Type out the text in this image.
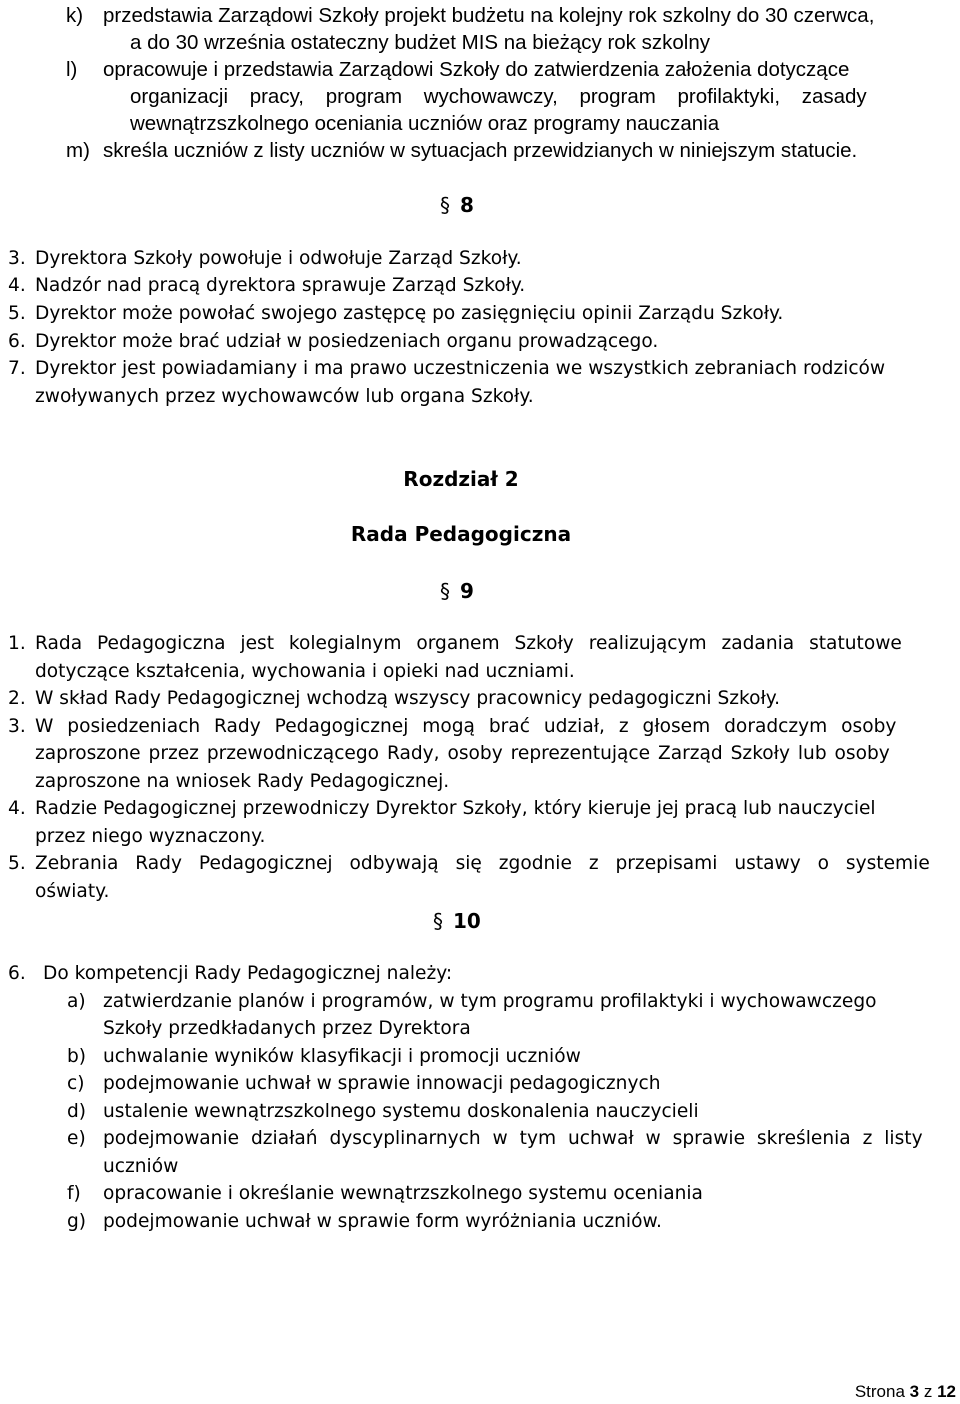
k) przedstawia Zarządowi Szkoły projekt budżetu na kolejny rok szkolny do 30 czerwca,
a do 30 września ostateczny budżet MIS na bieżący rok szkolny
l) opracowuje i przedstawia Zarządowi Szkoły do zatwierdzenia założenia dotyczące
organizacji pracy, program wychowawczy, program profilaktyki, zasady
wewnątrzszkolnego oceniania uczniów oraz programy nauczania
m) skreśla uczniów z listy uczniów w sytuacjach przewidzianych w niniejszym statucie.
§ 8
3. Dyrektora Szkoły powołuje i odwołuje Zarząd Szkoły.
4. Nadzór nad pracą dyrektora sprawuje Zarząd Szkoły.
5. Dyrektor może powołać swojego zastępcę po zasięgnięciu opinii Zarządu Szkoły.
6. Dyrektor może brać udział w posiedzeniach organu prowadzącego.
7. Dyrektor jest powiadamiany i ma prawo uczestniczenia we wszystkich zebraniach rodziców
zwoływanych przez wychowawców lub organa Szkoły.
Rozdział 2
Rada Pedagogiczna
§ 9
1. Rada Pedagogiczna jest kolegialnym organem Szkoły realizującym zadania statutowe
dotyczące kształcenia, wychowania i opieki nad uczniami.
2. W skład Rady Pedagogicznej wchodzą wszyscy pracownicy pedagogiczni Szkoły.
3. W posiedzeniach Rady Pedagogicznej mogą brać udział, z głosem doradczym osoby
zaproszone przez przewodniczącego Rady, osoby reprezentujące Zarząd Szkoły lub osoby
zaproszone na wniosek Rady Pedagogicznej.
4. Radzie Pedagogicznej przewodniczy Dyrektor Szkoły, który kieruje jej pracą lub nauczyciel
przez niego wyznaczony.
5. Zebrania Rady Pedagogicznej odbywają się zgodnie z przepisami ustawy o systemie
oświaty.
§ 10
6. Do kompetencji Rady Pedagogicznej należy:
a) zatwierdzanie planów i programów, w tym programu profilaktyki i wychowawczego
Szkoły przedkładanych przez Dyrektora
b) uchwalanie wyników klasyfikacji i promocji uczniów
c) podejmowanie uchwał w sprawie innowacji pedagogicznych
d) ustalenie wewnątrzszkolnego systemu doskonalenia nauczycieli
e) podejmowanie działań dyscyplinarnych w tym uchwał w sprawie skreślenia z listy
uczniów
f) opracowanie i określanie wewnątrzszkolnego systemu oceniania
g) podejmowanie uchwał w sprawie form wyróżniania uczniów.
Strona 3 z 12
